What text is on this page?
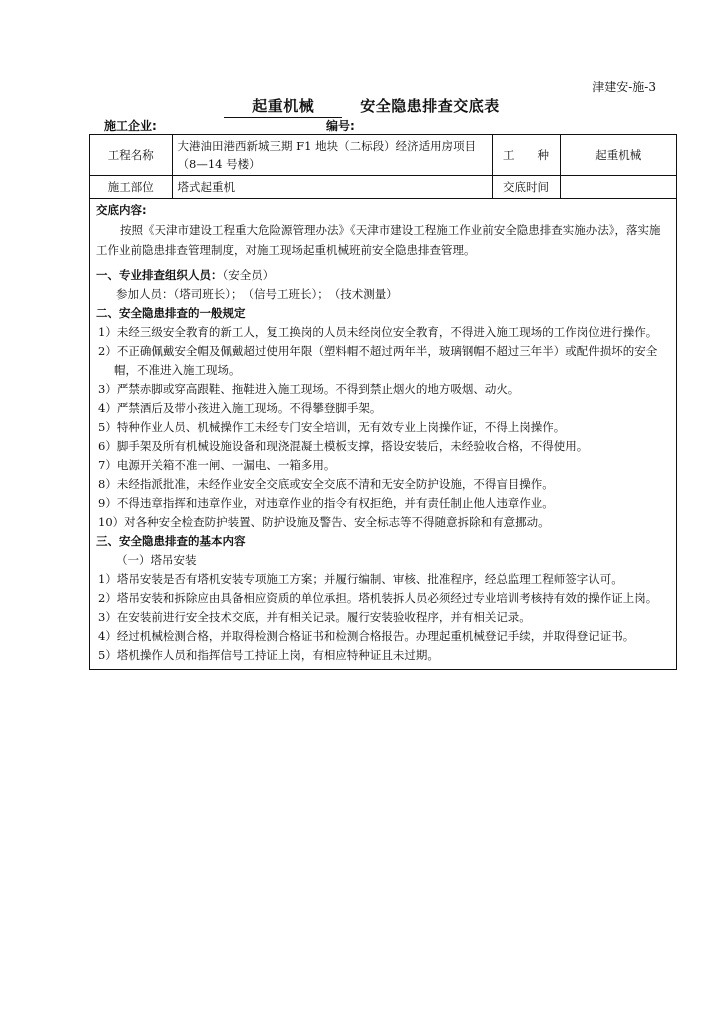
津建安-施-3
起重机械	安全隐患排查交底表
施工企业:	编号:
工程名称	大港油田港西新城三期 F1 地块（二标段）经济适用房项目（8—14 号楼）	工　　种	起重机械
施工部位	塔式起重机	交底时间	

交底内容:

按照《天津市建设工程重大危险源管理办法》《天津市建设工程施工作业前安全隐患排查实施办法》，落实施工作业前隐患排查管理制度，对施工现场起重机械班前安全隐患排查管理。

一、专业排查组织人员：（安全员）

参加人员：（塔司班长）；　（信号工班长）；　（技术测量）

二、安全隐患排查的一般规定

1）未经三级安全教育的新工人，复工换岗的人员未经岗位安全教育，不得进入施工现场的工作岗位进行操作。

2）不正确佩戴安全帽及佩戴超过使用年限（塑料帽不超过两年半，玻璃钢帽不超过三年半）或配件损坏的安全帽，不准进入施工现场。

3）严禁赤脚或穿高跟鞋、拖鞋进入施工现场。不得到禁止烟火的地方吸烟、动火。

4）严禁酒后及带小孩进入施工现场。不得攀登脚手架。

5）特种作业人员、机械操作工未经专门安全培训，无有效专业上岗操作证，不得上岗操作。

6）脚手架及所有机械设施设备和现浇混凝土模板支撑，搭设安装后，未经验收合格，不得使用。

7）电源开关箱不准一闸、一漏电、一箱多用。

8）未经指派批准，未经作业安全交底或安全交底不清和无安全防护设施，不得盲目操作。

9）不得违章指挥和违章作业，对违章作业的指令有权拒绝，并有责任制止他人违章作业。

10）对各种安全检查防护装置、防护设施及警告、安全标志等不得随意拆除和有意挪动。

三、安全隐患排查的基本内容

（一）塔吊安装

1）塔吊安装是否有塔机安装专项施工方案；并履行编制、审核、批准程序，经总监理工程师签字认可。

2）塔吊安装和拆除应由具备相应资质的单位承担。塔机装拆人员必须经过专业培训考核持有效的操作证上岗。

3）在安装前进行安全技术交底，并有相关记录。履行安装验收程序，并有相关记录。

4）经过机械检测合格，并取得检测合格证书和检测合格报告。办理起重机械登记手续，并取得登记证书。

5）塔机操作人员和指挥信号工持证上岗，有相应特种证且未过期。
